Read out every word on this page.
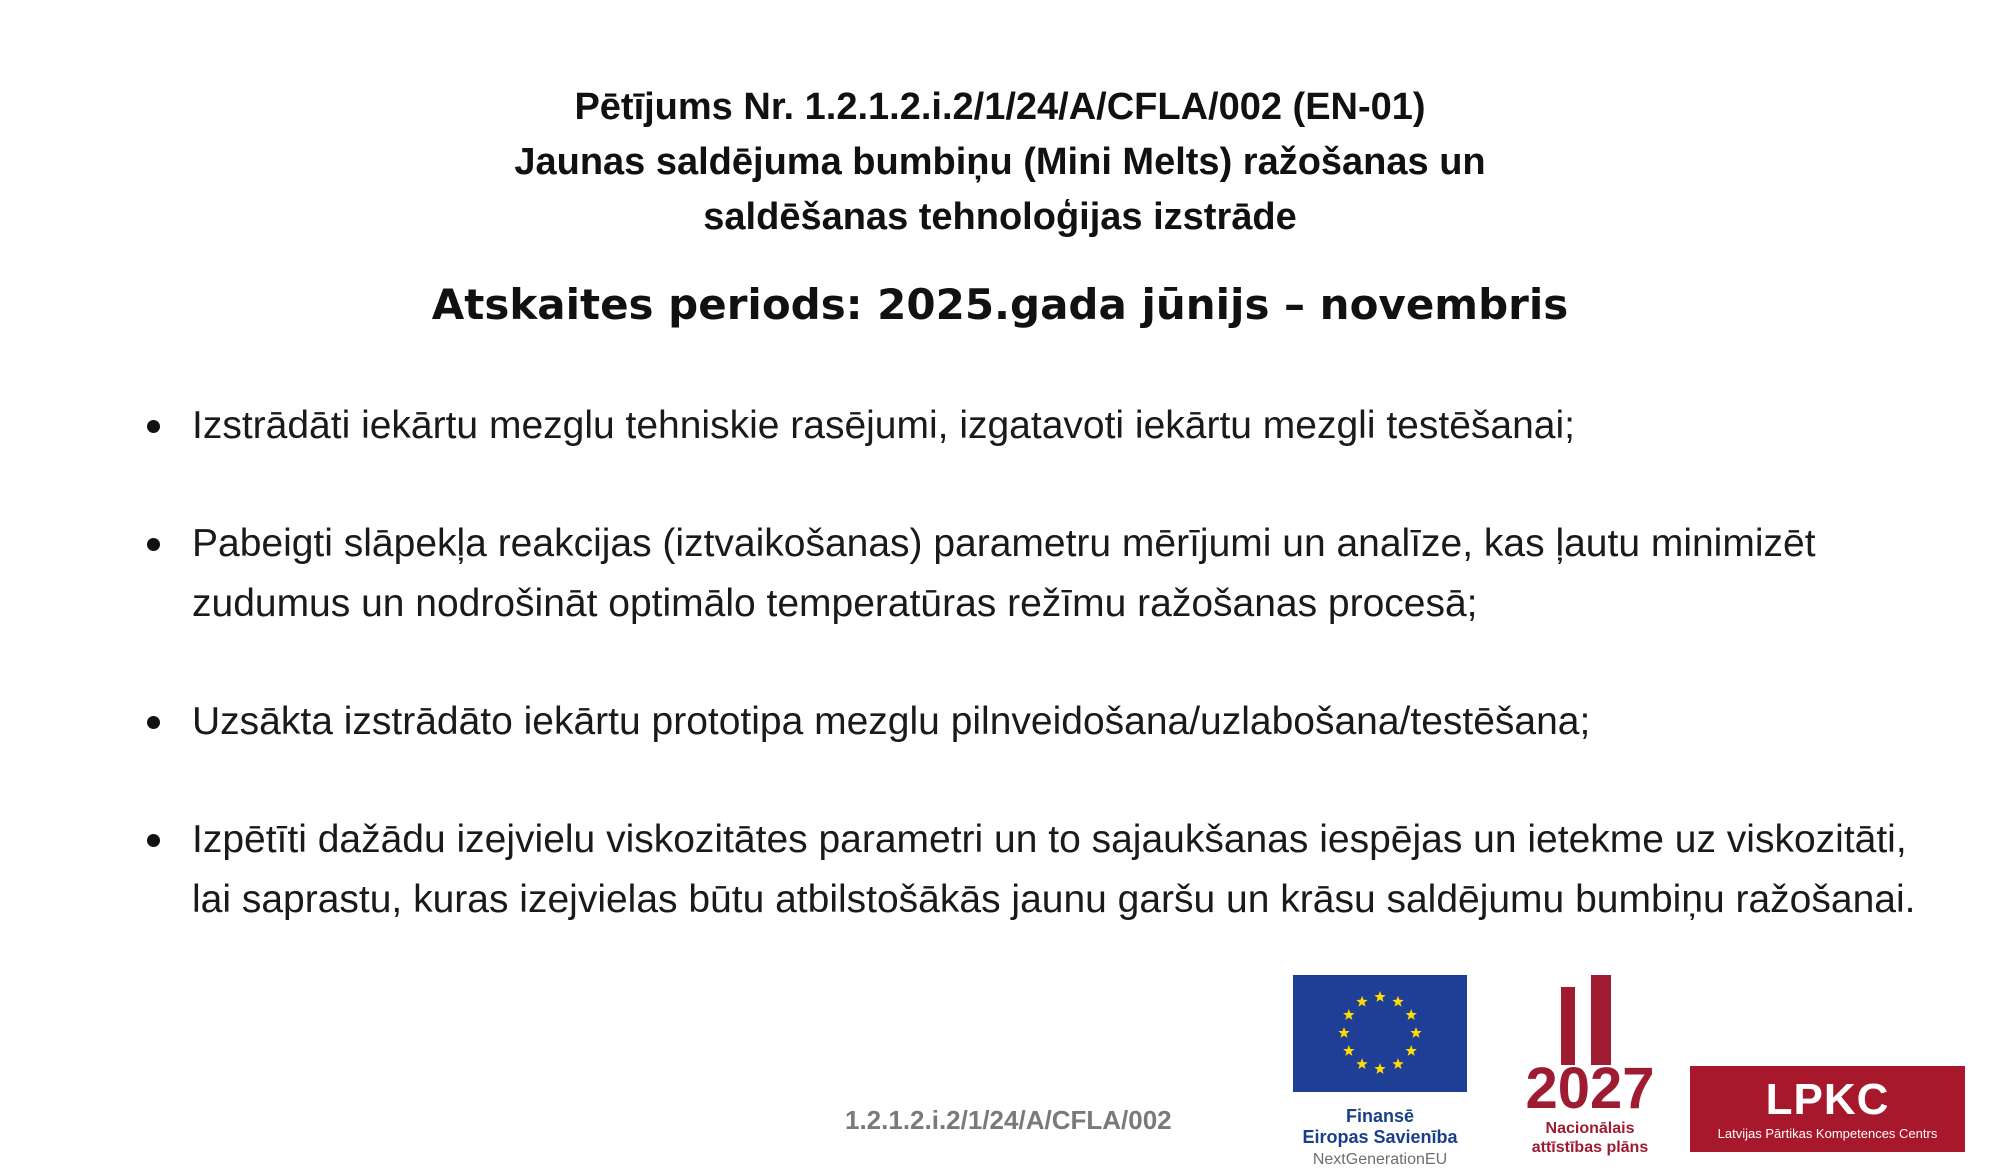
Pētījums Nr. 1.2.1.2.i.2/1/24/A/CFLA/002 (EN-01)
Jaunas saldējuma bumbiņu (Mini Melts) ražošanas un
saldēšanas tehnoloģijas izstrāde
Atskaites periods: 2025.gada jūnijs – novembris
Izstrādāti iekārtu mezglu tehniskie rasējumi, izgatavoti iekārtu mezgli testēšanai;
Pabeigti slāpekļa reakcijas (iztvaikošanas) parametru mērījumi un analīze, kas ļautu minimizēt zudumus un nodrošināt optimālo temperatūras režīmu ražošanas procesā;
Uzsākta izstrādāto iekārtu prototipa mezglu pilnveidošana/uzlabošana/testēšana;
Izpētīti dažādu izejvielu viskozitātes parametri un to sajaukšanas iespējas un ietekme uz viskozitāti, lai saprastu, kuras izejvielas būtu atbilstošākās jaunu garšu un krāsu saldējumu bumbiņu ražošanai.
1.2.1.2.i.2/1/24/A/CFLA/002	Finansē
Eiropas Savienība
NextGenerationEU
2027
Nacionālais
attīstības plāns
LPKC
Latvijas Pārtikas Kompetences Centrs
